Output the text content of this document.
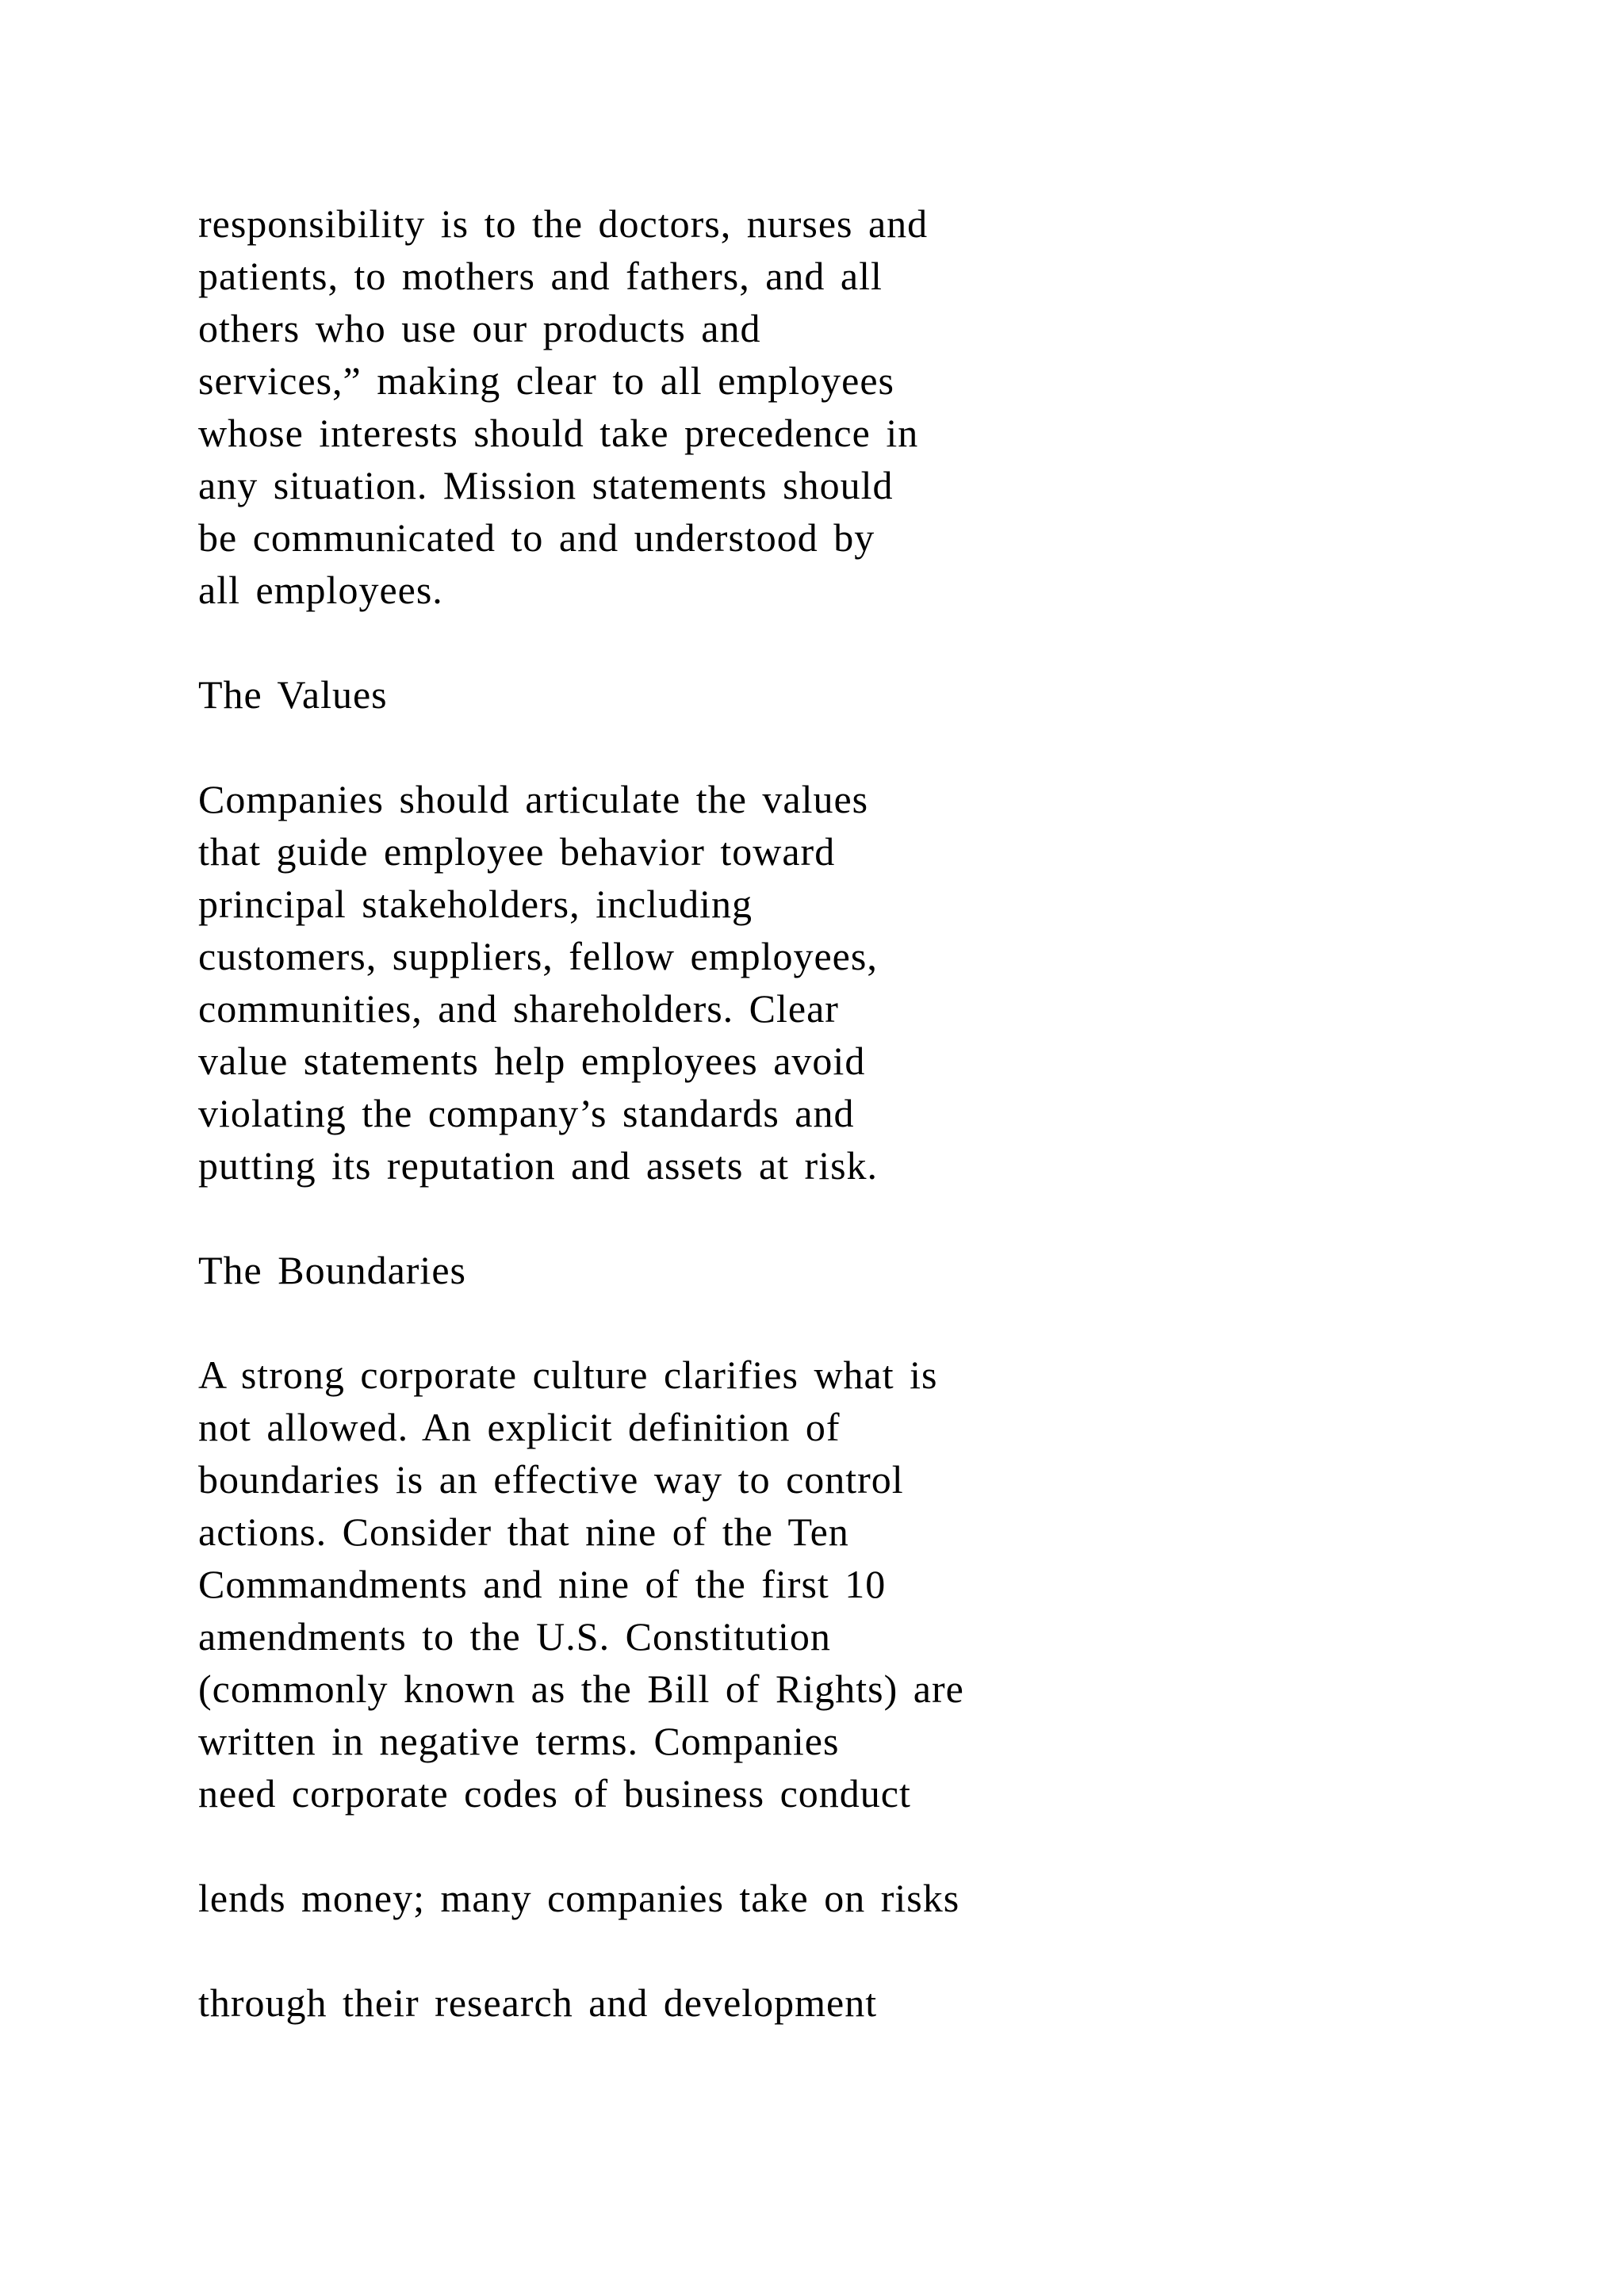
responsibility is to the doctors, nurses and

patients, to mothers and fathers, and all

others who use our products and

services,” making clear to all employees

whose interests should take precedence in

any situation. Mission statements should

be communicated to and understood by

all employees.

The Values

Companies should articulate the values

that guide employee behavior toward

principal stakeholders, including

customers, suppliers, fellow employees,

communities, and shareholders. Clear

value statements help employees avoid

violating the company’s standards and

putting its reputation and assets at risk.

The Boundaries

A strong corporate culture clarifies what is

not allowed. An explicit definition of

boundaries is an effective way to control

actions. Consider that nine of the Ten

Commandments and nine of the first 10

amendments to the U.S. Constitution

(commonly known as the Bill of Rights) are

written in negative terms. Companies

need corporate codes of business conduct

lends money; many companies take on risks

through their research and development
